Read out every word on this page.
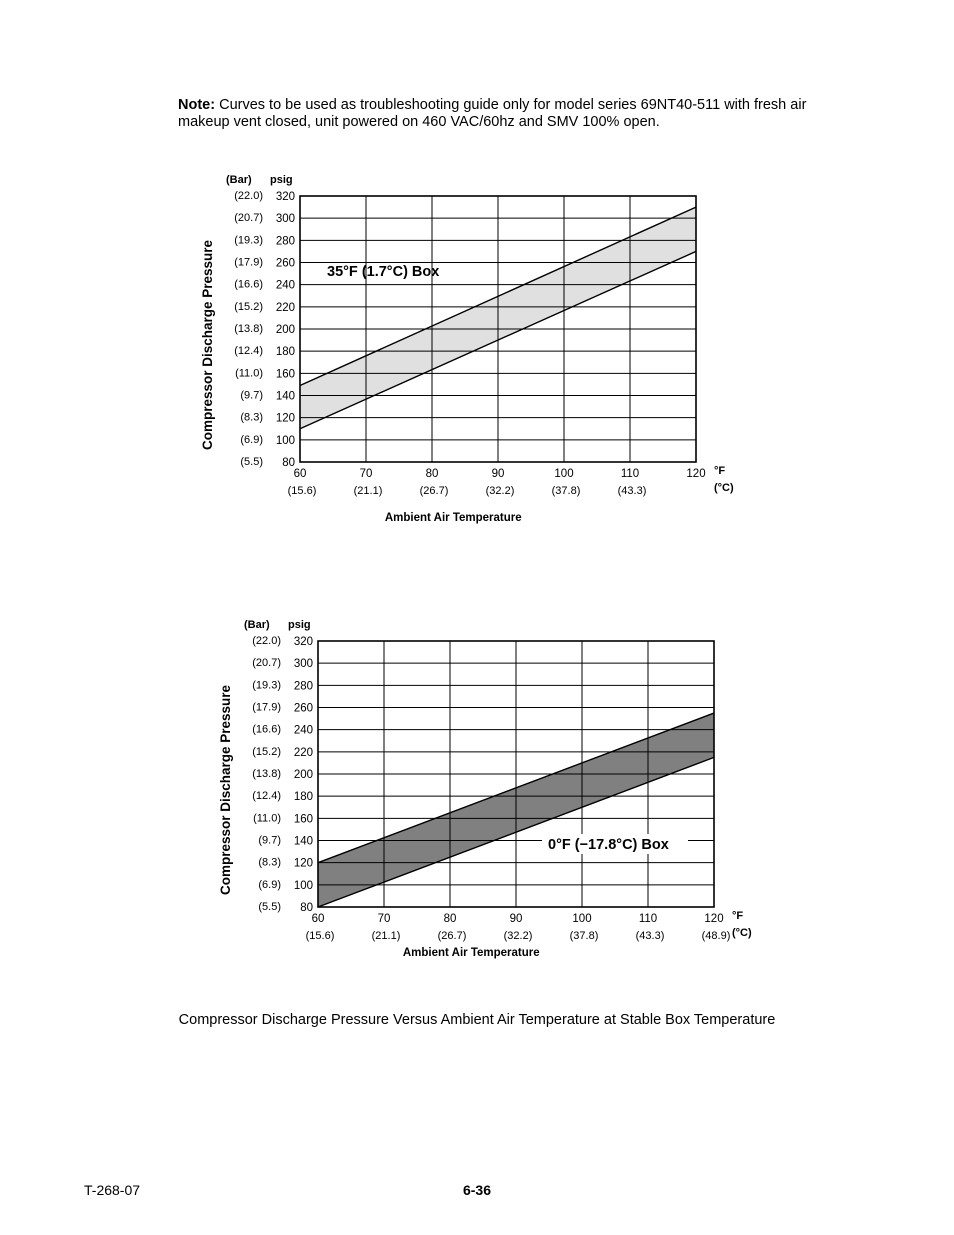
Note: Curves to be used as troubleshooting guide only for model series 69NT40-511 with fresh air makeup vent closed, unit powered on 460 VAC/60hz and SMV 100% open.
320
(22.0)
300
(20.7)
280
(19.3)
260
(17.9)
240
(16.6)
220
(15.2)
200
(13.8)
180
(12.4)
160
(11.0)
140
(9.7)
120
(8.3)
100
(6.9)
80
(5.5)
(Bar) psig
60
(15.6)
70
(21.1)
80
(26.7)
90
(32.2)
100
(37.8)
110
(43.3)
120 °F
(°C)
Ambient Air Temperature
Compressor Discharge Pressure	35°F (1.7°C) Box
320
(22.0)
300
(20.7)
280
(19.3)
260
(17.9)
240
(16.6)
220
(15.2)
200
(13.8)
180
(12.4)
160
(11.0)
140
(9.7)
120
(8.3)
100
(6.9)
80
(5.5)
(Bar) psig
60
(15.6)
70
(21.1)
80
(26.7)
90
(32.2)
100
(37.8)
110
(43.3)
120
(48.9)
°F
(°C)
Ambient Air Temperature
Compressor Discharge Pressure	0°F (−17.8°C) Box
Compressor Discharge Pressure Versus Ambient Air Temperature at Stable Box Temperature
T-268-07	6-36
